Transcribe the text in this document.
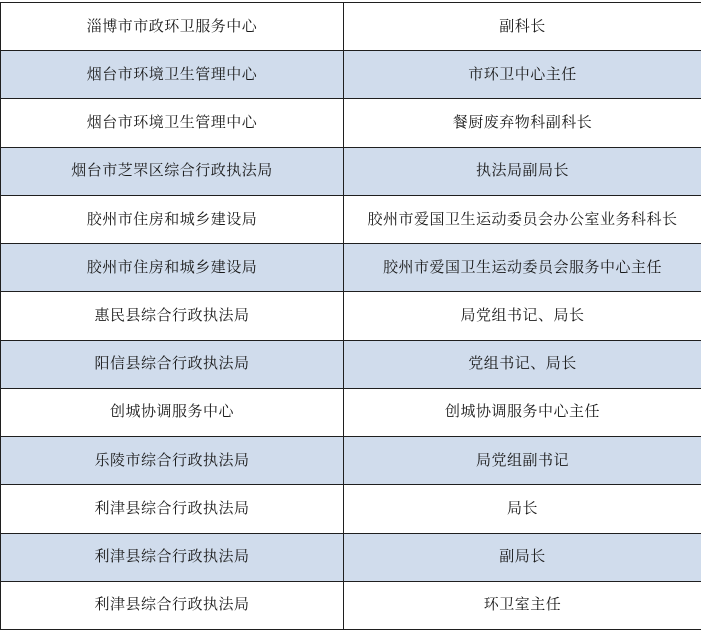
淄博市市政环卫服务中心	副科长
烟台市环境卫生管理中心	市环卫中心主任
烟台市环境卫生管理中心	餐厨废弃物科副科长
烟台市芝罘区综合行政执法局	执法局副局长
胶州市住房和城乡建设局	胶州市爱国卫生运动委员会办公室业务科科长
胶州市住房和城乡建设局	胶州市爱国卫生运动委员会服务中心主任
惠民县综合行政执法局	局党组书记、局长
阳信县综合行政执法局	党组书记、局长
创城协调服务中心	创城协调服务中心主任
乐陵市综合行政执法局	局党组副书记
利津县综合行政执法局	局长
利津县综合行政执法局	副局长
利津县综合行政执法局	环卫室主任
